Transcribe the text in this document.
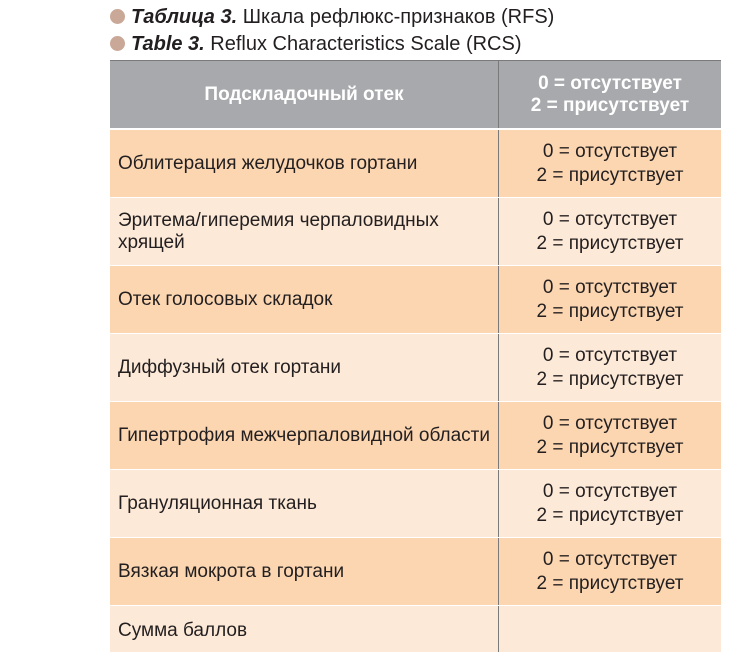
Таблица 3. Шкала рефлюкс-признаков (RFS)
Table 3. Reflux Characteristics Scale (RCS)
Подскладочный отек
0 = отсутствует
2 = присутствует
Облитерация желудочков гортани
0 = отсутствует
2 = присутствует
Эритема/гиперемия черпаловидных хрящей
0 = отсутствует
2 = присутствует
Отек голосовых складок
0 = отсутствует
2 = присутствует
Диффузный отек гортани
0 = отсутствует
2 = присутствует
Гипертрофия межчерпаловидной области
0 = отсутствует
2 = присутствует
Грануляционная ткань
0 = отсутствует
2 = присутствует
Вязкая мокрота в гортани
0 = отсутствует
2 = присутствует
Сумма баллов
